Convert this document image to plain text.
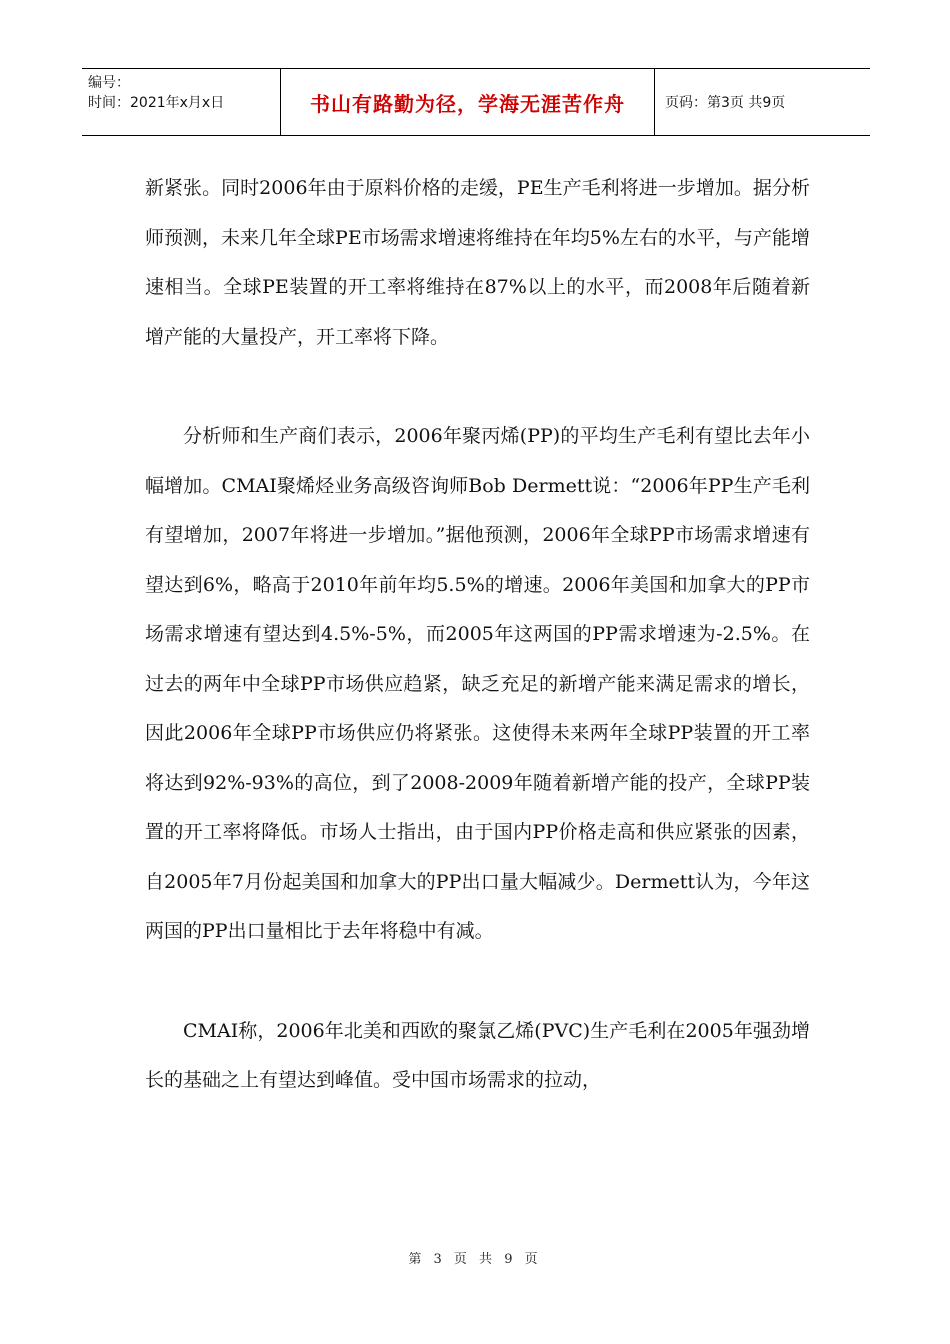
编号：
时间：2021年x月x日	书山有路勤为径，学海无涯苦作舟	页码：第3页 共9页

新紧张。同时2006年由于原料价格的走缓，PE生产毛利将进一步增加。据分析师预测，未来几年全球PE市场需求增速将维持在年均5%左右的水平，与产能增速相当。全球PE装置的开工率将维持在87%以上的水平，而2008年后随着新增产能的大量投产，开工率将下降。

分析师和生产商们表示，2006年聚丙烯(PP)的平均生产毛利有望比去年小幅增加。CMAI聚烯烃业务高级咨询师Bob Dermett说：“2006年PP生产毛利有望增加，2007年将进一步增加。”据他预测，2006年全球PP市场需求增速有望达到6%，略高于2010年前年均5.5%的增速。2006年美国和加拿大的PP市场需求增速有望达到4.5%-5%，而2005年这两国的PP需求增速为-2.5%。在过去的两年中全球PP市场供应趋紧，缺乏充足的新增产能来满足需求的增长，因此2006年全球PP市场供应仍将紧张。这使得未来两年全球PP装置的开工率将达到92%-93%的高位，到了2008-2009年随着新增产能的投产，全球PP装置的开工率将降低。市场人士指出，由于国内PP价格走高和供应紧张的因素，自2005年7月份起美国和加拿大的PP出口量大幅减少。Dermett认为，今年这两国的PP出口量相比于去年将稳中有减。

CMAI称，2006年北美和西欧的聚氯乙烯(PVC)生产毛利在2005年强劲增长的基础之上有望达到峰值。受中国市场需求的拉动，

第 3 页 共 9 页
